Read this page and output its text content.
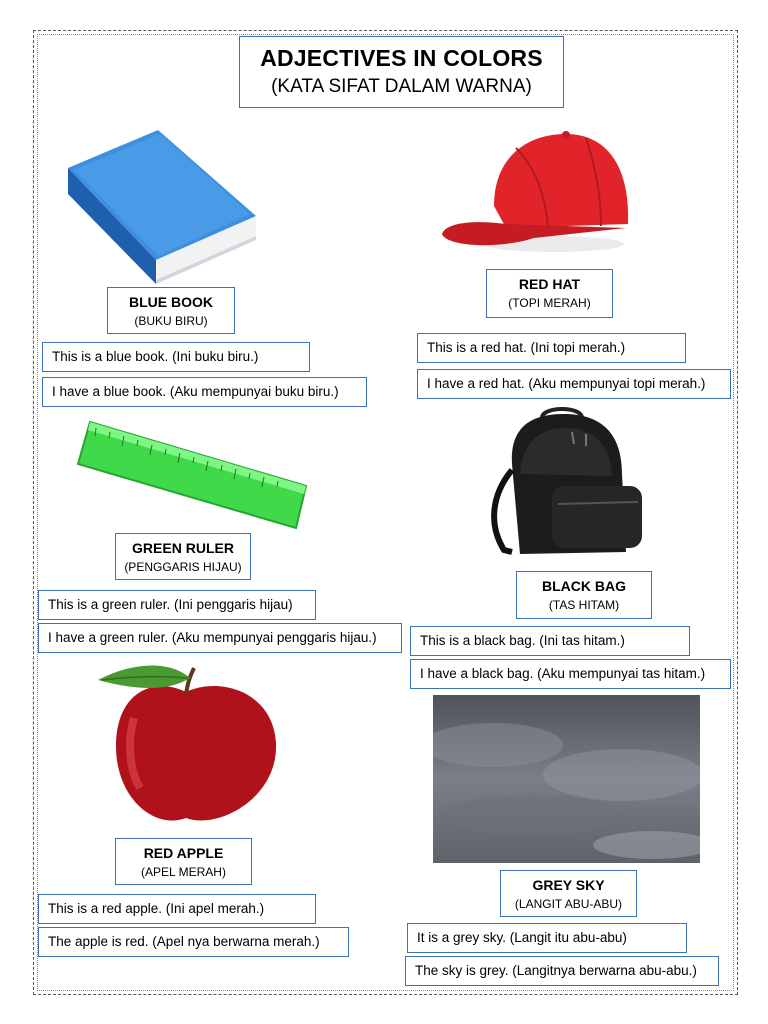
ADJECTIVES IN COLORS
(KATA SIFAT DALAM WARNA)
BLUE BOOK
(BUKU BIRU)
This is a blue book. (Ini buku biru.)
I have a blue book. (Aku mempunyai buku biru.)
RED HAT
(TOPI MERAH)
This is a red hat. (Ini topi merah.)
I have a red hat. (Aku mempunyai topi merah.)
GREEN RULER
(PENGGARIS HIJAU)
This is a green ruler. (Ini penggaris hijau)
I have a green ruler. (Aku mempunyai penggaris hijau.)
BLACK BAG
(TAS HITAM)
This is a black bag. (Ini tas hitam.)
I have a black bag. (Aku mempunyai tas hitam.)
RED APPLE
(APEL MERAH)
This is a red apple. (Ini apel merah.)
The apple is red. (Apel nya berwarna merah.)
GREY SKY
(LANGIT ABU-ABU)
It is a grey sky. (Langit itu abu-abu)
The sky is grey. (Langitnya berwarna abu-abu.)
